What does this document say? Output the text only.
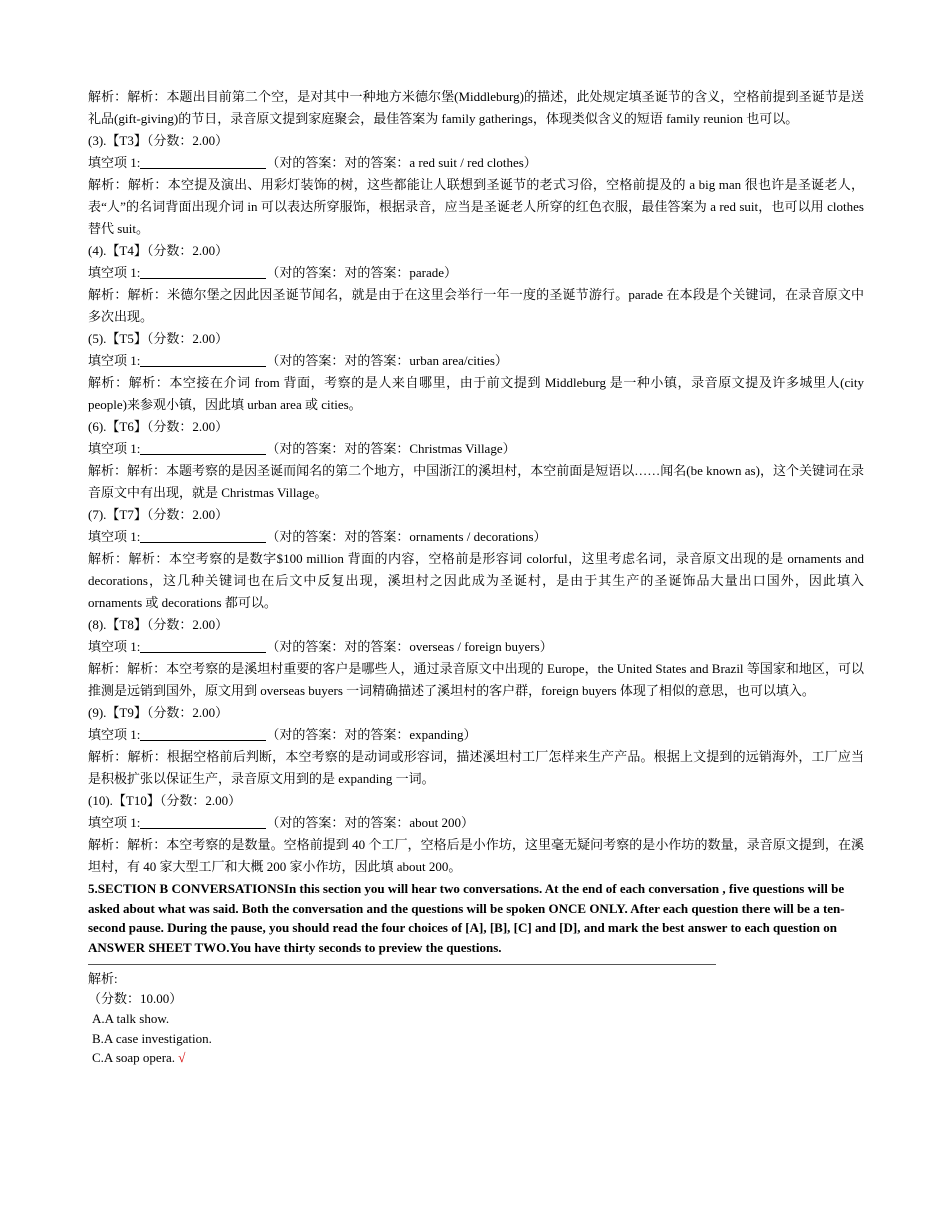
解析：解析：本题出目前第二个空，是对其中一种地方米德尔堡(Middleburg)的描述，此处规定填圣诞节的含义，空格前提到圣诞节是送礼品(gift-giving)的节日，录音原文提到家庭聚会，最佳答案为 family gatherings，体现类似含义的短语 family reunion 也可以。
(3).【T3】（分数：2.00）
填空项 1:	（对的答案：对的答案：a red suit / red clothes）
解析：解析：本空提及演出、用彩灯装饰的树，这些都能让人联想到圣诞节的老式习俗，空格前提及的 a big man 很也许是圣诞老人，表“人”的名词背面出现介词 in 可以表达所穿服饰，根据录音，应当是圣诞老人所穿的红色衣服，最佳答案为 a red suit，也可以用 clothes 替代 suit。
(4).【T4】（分数：2.00）
填空项 1:	（对的答案：对的答案：parade）
解析：解析：米德尔堡之因此因圣诞节闻名，就是由于在这里会举行一年一度的圣诞节游行。parade 在本段是个关键词，在录音原文中多次出现。
(5).【T5】（分数：2.00）
填空项 1:	（对的答案：对的答案：urban area/cities）
解析：解析：本空接在介词 from 背面，考察的是人来自哪里，由于前文提到 Middleburg 是一种小镇，录音原文提及许多城里人(city people)来参观小镇，因此填 urban area 或 cities。
(6).【T6】（分数：2.00）
填空项 1:	（对的答案：对的答案：Christmas Village）
解析：解析：本题考察的是因圣诞而闻名的第二个地方，中国浙江的溪坦村，本空前面是短语以……闻名(be known as)，这个关键词在录音原文中有出现，就是 Christmas Village。
(7).【T7】（分数：2.00）
填空项 1:	（对的答案：对的答案：ornaments / decorations）
解析：解析：本空考察的是数字$100 million 背面的内容，空格前是形容词 colorful，这里考虑名词，录音原文出现的是 ornaments and decorations，这几种关键词也在后文中反复出现，溪坦村之因此成为圣诞村，是由于其生产的圣诞饰品大量出口国外，因此填入 ornaments 或 decorations 都可以。
(8).【T8】（分数：2.00）
填空项 1:	（对的答案：对的答案：overseas / foreign buyers）
解析：解析：本空考察的是溪坦村重要的客户是哪些人，通过录音原文中出现的 Europe，the United States and Brazil 等国家和地区，可以推测是远销到国外，原文用到 overseas buyers 一词精确描述了溪坦村的客户群，foreign buyers 体现了相似的意思，也可以填入。
(9).【T9】（分数：2.00）
填空项 1:	（对的答案：对的答案：expanding）
解析：解析：根据空格前后判断，本空考察的是动词或形容词，描述溪坦村工厂怎样来生产产品。根据上文提到的远销海外，工厂应当是积极扩张以保证生产，录音原文用到的是 expanding 一词。
(10).【T10】（分数：2.00）
填空项 1:	（对的答案：对的答案：about 200）
解析：解析：本空考察的是数量。空格前提到 40 个工厂，空格后是小作坊，这里毫无疑问考察的是小作坊的数量，录音原文提到，在溪坦村，有 40 家大型工厂和大概 200 家小作坊，因此填 about 200。
5.SECTION B CONVERSATIONSIn this section you will hear two conversations. At the end of each conversation , five questions will be asked about what was said. Both the conversation and the questions will be spoken ONCE ONLY. After each question there will be a ten-second pause. During the pause, you should read the four choices of [A], [B], [C] and [D], and mark the best answer to each question on ANSWER SHEET TWO.You have thirty seconds to preview the questions.
解析:
（分数：10.00）
A.A talk show.
B.A case investigation.
C.A soap opera. √
